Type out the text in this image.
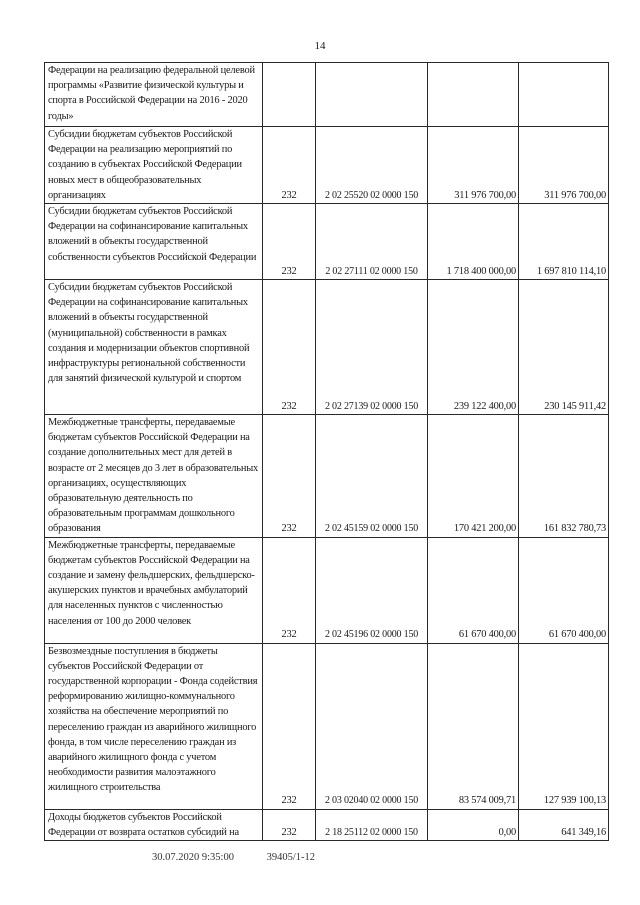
14
Федерации на реализацию федеральной целевой программы «Развитие физической культуры и спорта в Российской Федерации на 2016 - 2020 годы»				
Субсидии бюджетам субъектов Российской Федерации на реализацию мероприятий по созданию в субъектах Российской Федерации новых мест в общеобразовательных организациях	232	2 02 25520 02 0000 150	311 976 700,00	311 976 700,00
Субсидии бюджетам субъектов Российской Федерации на софинансирование капитальных вложений в объекты государственной собственности субъектов Российской Федерации	232	2 02 27111 02 0000 150	1 718 400 000,00	1 697 810 114,10
Субсидии бюджетам субъектов Российской Федерации на софинансирование капитальных вложений в объекты государственной (муниципальной) собственности в рамках создания и модернизации объектов спортивной инфраструктуры региональной собственности для занятий физической культурой и спортом	232	2 02 27139 02 0000 150	239 122 400,00	230 145 911,42
Межбюджетные трансферты, передаваемые бюджетам субъектов Российской Федерации на создание дополнительных мест для детей в возрасте от 2 месяцев до 3 лет в образовательных организациях, осуществляющих образовательную деятельность по образовательным программам дошкольного образования	232	2 02 45159 02 0000 150	170 421 200,00	161 832 780,73
Межбюджетные трансферты, передаваемые бюджетам субъектов Российской Федерации на создание и замену фельдшерских, фельдшерско-акушерских пунктов и врачебных амбулаторий для населенных пунктов с численностью населения от 100 до 2000 человек	232	2 02 45196 02 0000 150	61 670 400,00	61 670 400,00
Безвозмездные поступления в бюджеты субъектов Российской Федерации от государственной корпорации - Фонда содействия реформированию жилищно-коммунального хозяйства на обеспечение мероприятий по переселению граждан из аварийного жилищного фонда, в том числе переселению граждан из аварийного жилищного фонда с учетом необходимости развития малоэтажного жилищного строительства	232	2 03 02040 02 0000 150	83 574 009,71	127 939 100,13
Доходы бюджетов субъектов Российской Федерации от возврата остатков субсидий на	232	2 18 25112 02 0000 150	0,00	641 349,16
30.07.2020 9:35:00	39405/1-12
